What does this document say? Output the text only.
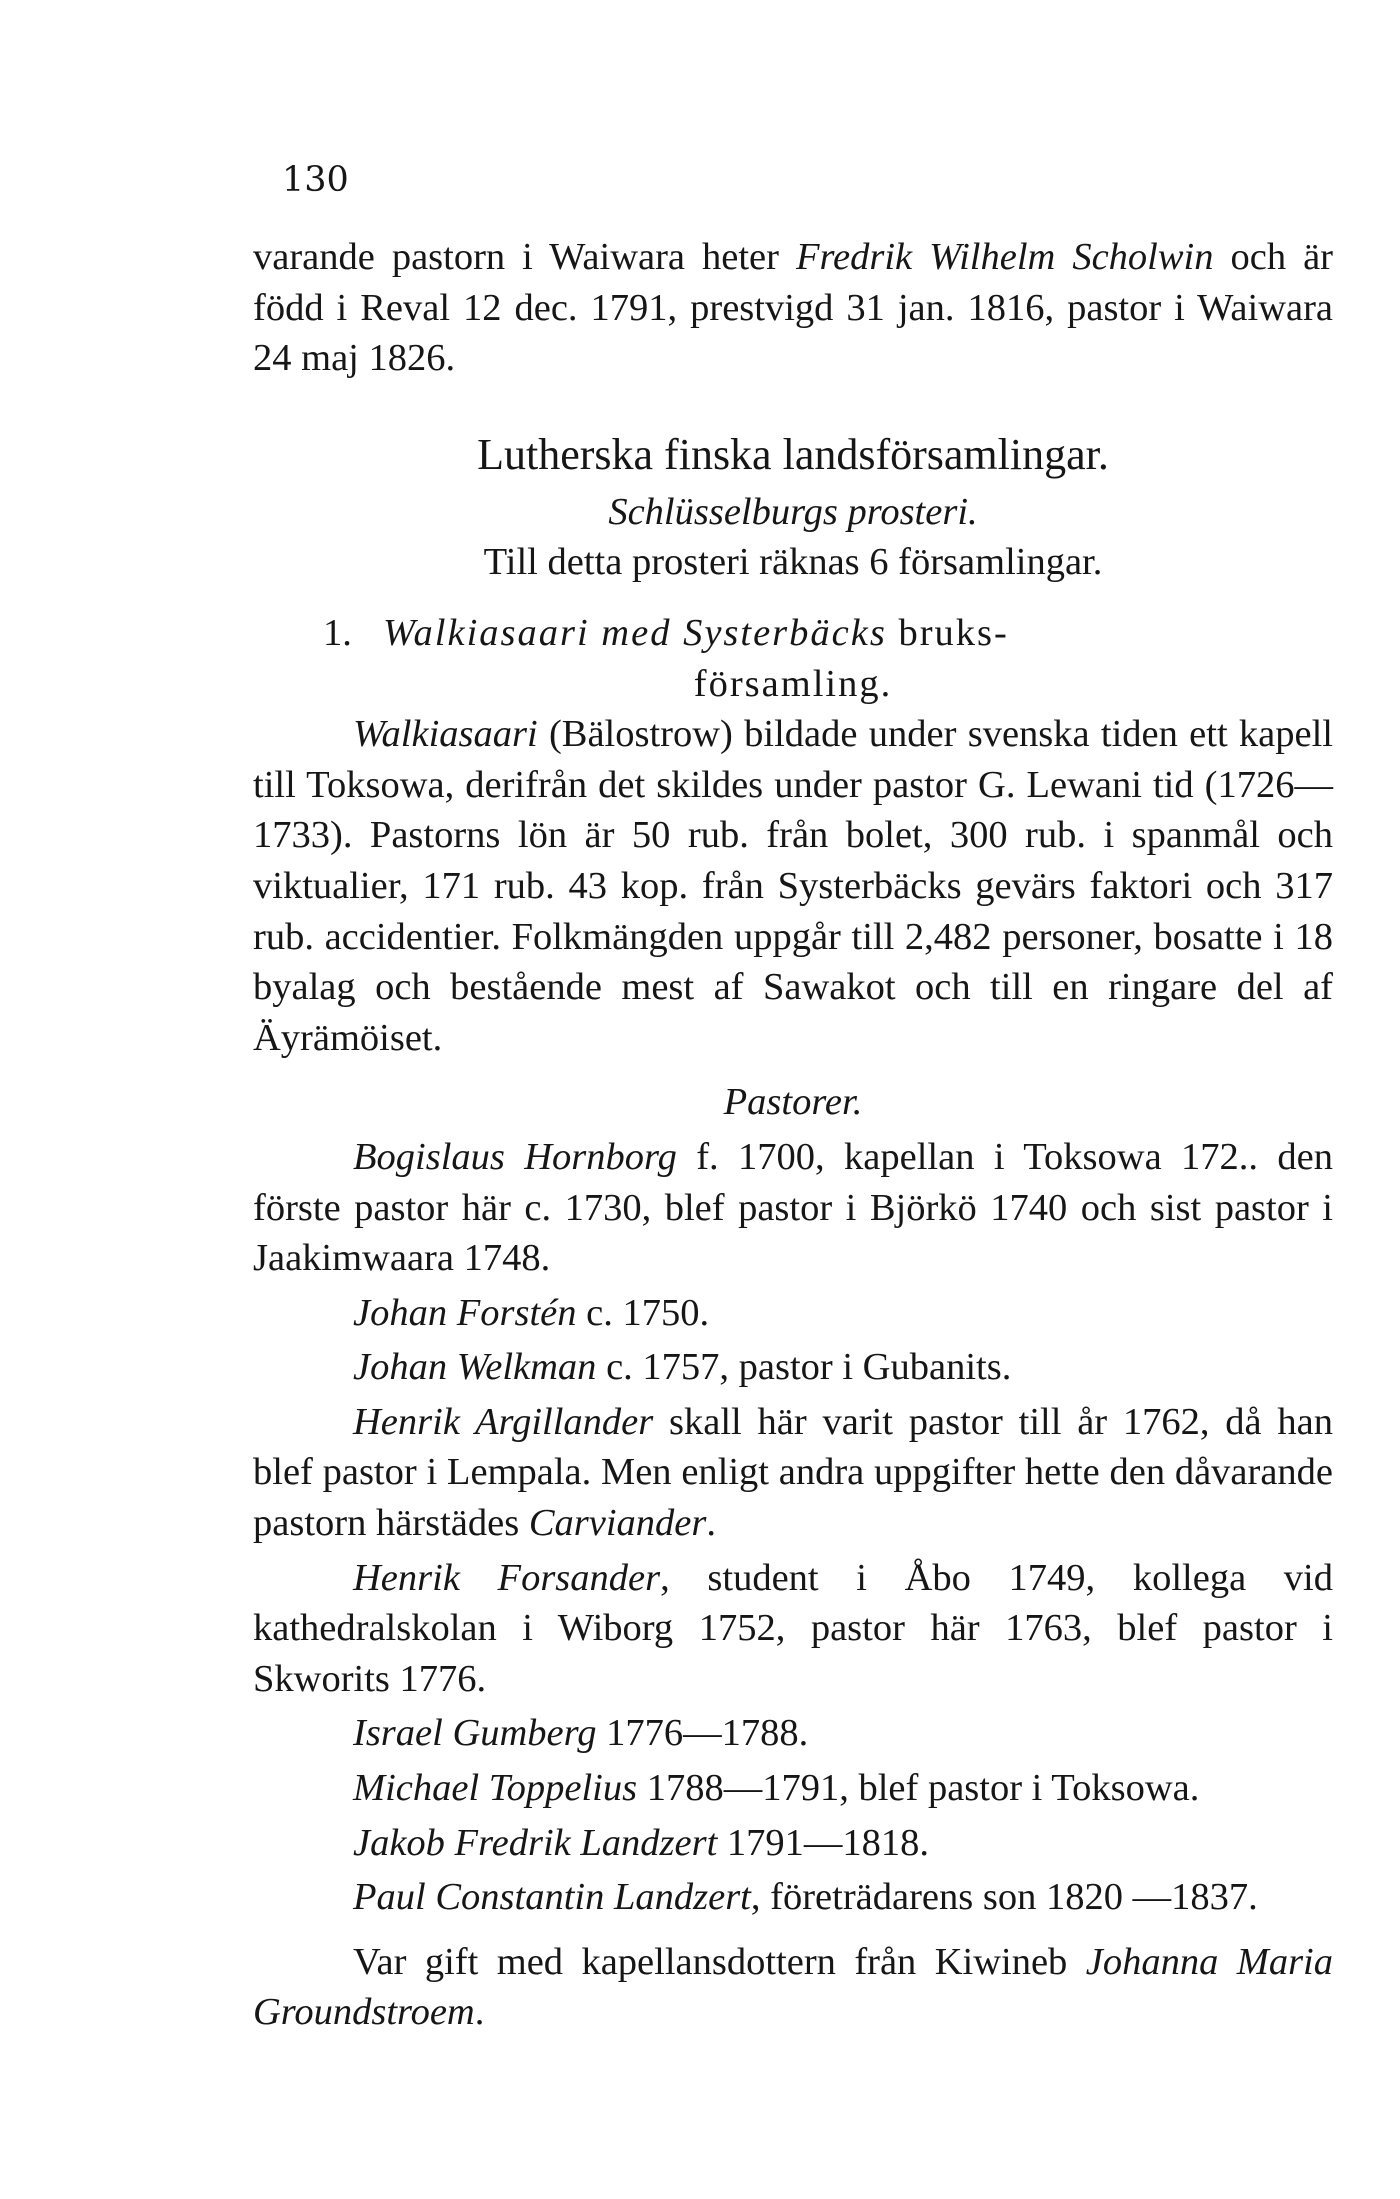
130

varande pastorn i Waiwara heter Fredrik Wilhelm Scholwin och är född i Reval 12 dec. 1791, prestvigd 31 jan. 1816, pastor i Waiwara 24 maj 1826.

Lutherska finska landsförsamlingar.

Schlüsselburgs prosteri.

Till detta prosteri räknas 6 församlingar.

1. Walkiasaari med Systerbäcks bruks-

församling.

Walkiasaari (Bälostrow) bildade under svenska tiden ett kapell till Toksowa, derifrån det skildes under pastor G. Lewani tid (1726—1733). Pastorns lön är 50 rub. från bolet, 300 rub. i spanmål och viktualier, 171 rub. 43 kop. från Systerbäcks gevärs faktori och 317 rub. accidentier. Folkmängden uppgår till 2,482 personer, bosatte i 18 byalag och bestående mest af Sawakot och till en ringare del af Äyrämöiset.

Pastorer.

Bogislaus Hornborg f. 1700, kapellan i Toksowa 172.. den förste pastor här c. 1730, blef pastor i Björkö 1740 och sist pastor i Jaakimwaara 1748.

Johan Forstén c. 1750.

Johan Welkman c. 1757, pastor i Gubanits.

Henrik Argillander skall här varit pastor till år 1762, då han blef pastor i Lempala. Men enligt andra uppgifter hette den dåvarande pastorn härstädes Carviander.

Henrik Forsander, student i Åbo 1749, kollega vid kathedralskolan i Wiborg 1752, pastor här 1763, blef pastor i Skworits 1776.

Israel Gumberg 1776—1788.

Michael Toppelius 1788—1791, blef pastor i Toksowa.

Jakob Fredrik Landzert 1791—1818.

Paul Constantin Landzert, företrädarens son 1820 —1837.

Var gift med kapellansdottern från Kiwineb Johanna Maria Groundstroem.
